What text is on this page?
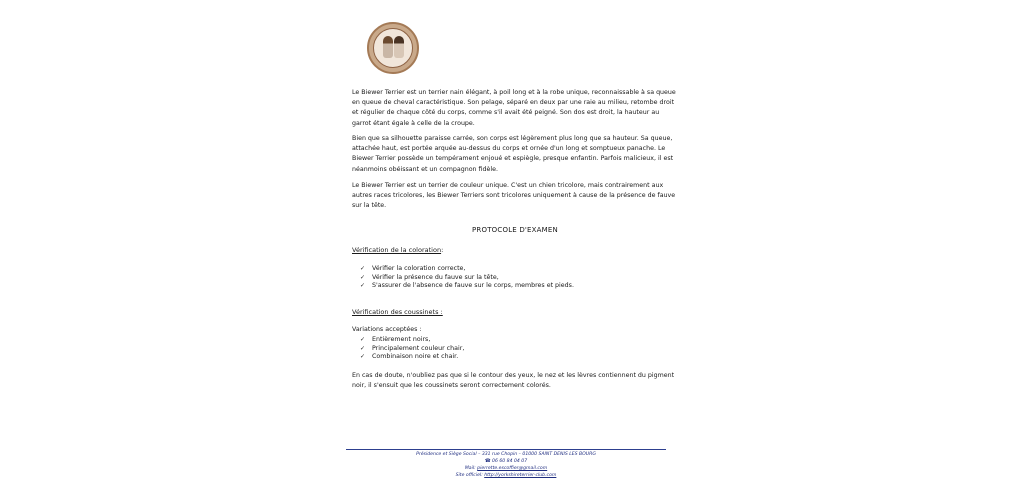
Le Biewer Terrier est un terrier nain élégant, à poil long et à la robe unique, reconnaissable à sa queue en queue de cheval caractéristique. Son pelage, séparé en deux par une raie au milieu, retombe droit et régulier de chaque côté du corps, comme s'il avait été peigné. Son dos est droit, la hauteur au garrot étant égale à celle de la croupe.

Bien que sa silhouette paraisse carrée, son corps est légèrement plus long que sa hauteur. Sa queue, attachée haut, est portée arquée au-dessus du corps et ornée d'un long et somptueux panache. Le Biewer Terrier possède un tempérament enjoué et espiègle, presque enfantin. Parfois malicieux, il est néanmoins obéissant et un compagnon fidèle.

Le Biewer Terrier est un terrier de couleur unique. C'est un chien tricolore, mais contrairement aux autres races tricolores, les Biewer Terriers sont tricolores uniquement à cause de la présence de fauve sur la tête.

PROTOCOLE D'EXAMEN
Vérification de la coloration:
✓ Vérifier la coloration correcte,
✓ Vérifier la présence du fauve sur la tête,
✓ S'assurer de l'absence de fauve sur le corps, membres et pieds.
Vérification des coussinets :
Variations acceptées :
✓ Entièrement noirs,
✓ Principalement couleur chair,
✓ Combinaison noire et chair.

En cas de doute, n'oubliez pas que si le contour des yeux, le nez et les lèvres contiennent du pigment noir, il s'ensuit que les coussinets seront correctement colorés.

Présidence et Siège Social – 331 rue Chopin – 01000 SAINT DENIS LES BOURG
☎ 06 60 84 04 07
Mail: pierrette.escoffier@gmail.com
Site officiel: http://yorkshireterrier-club.com
